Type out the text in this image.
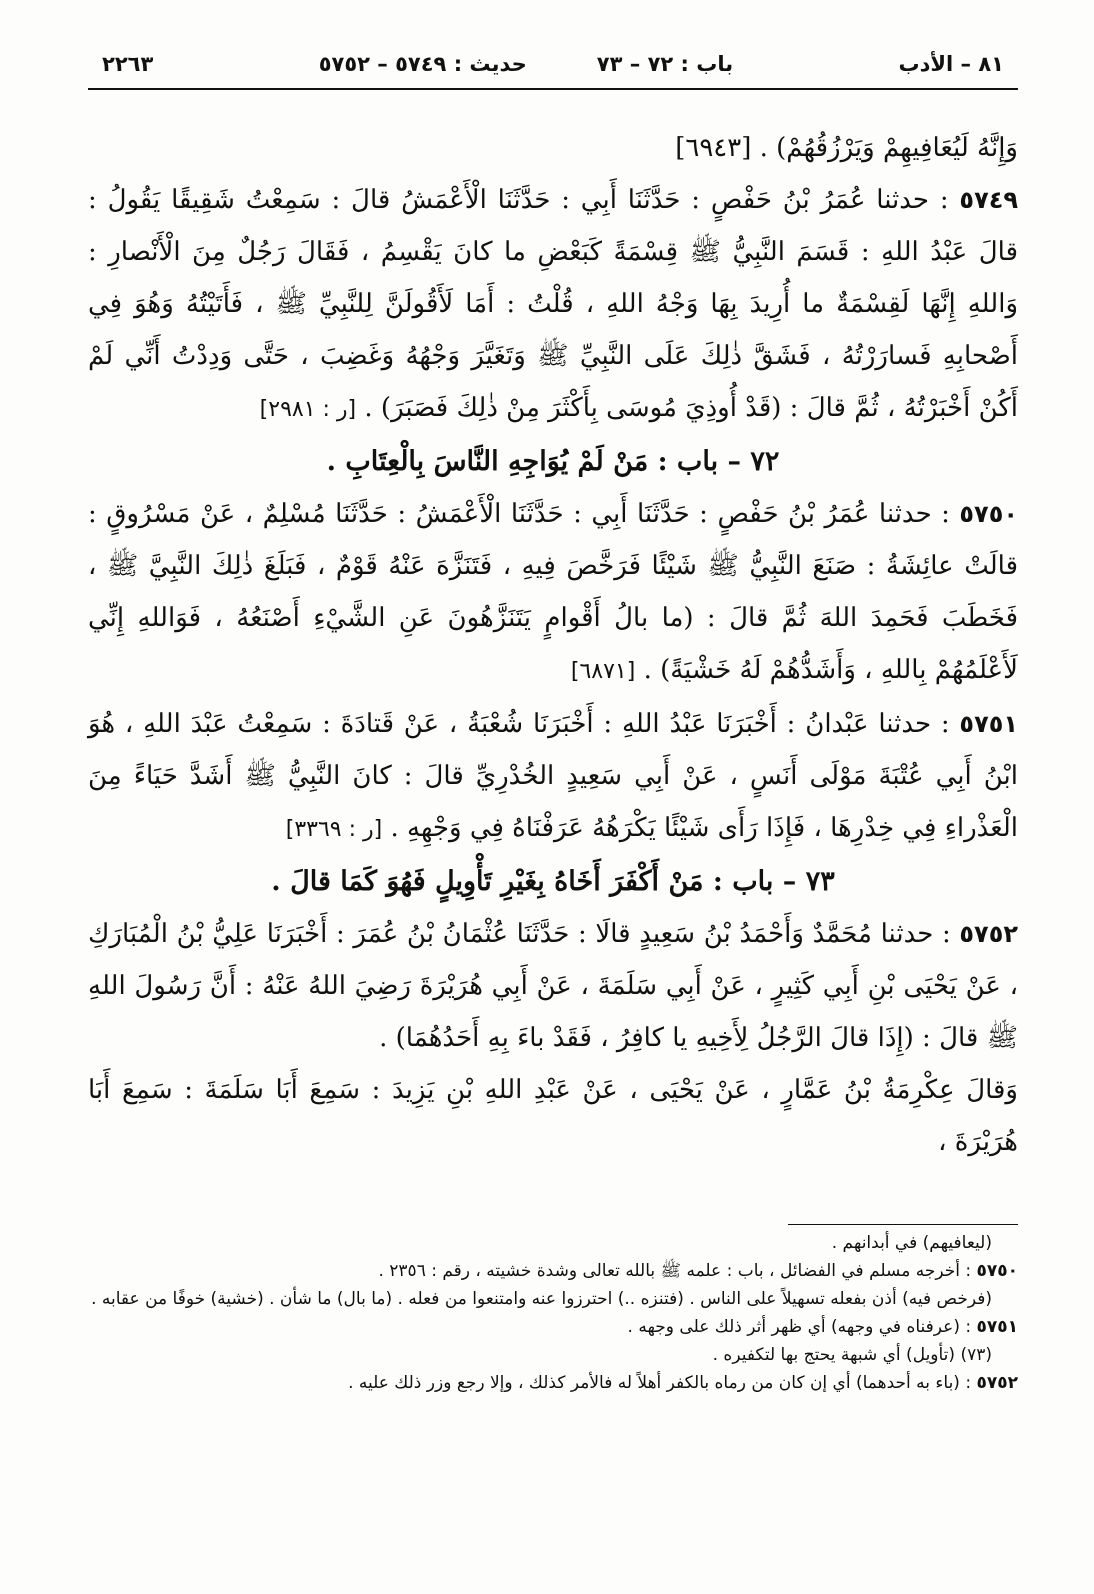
٨١ – الأدب
باب : ٧٢ – ٧٣
حديث : ٥٧٤٩ – ٥٧٥٢
٢٢٦٣

وَإِنَّهُ لَيُعَافِيهِمْ وَيَرْزُقُهُمْ) . [٦٩٤٣]

٥٧٤٩ : حدثنا عُمَرُ بْنُ حَفْصٍ : حَدَّثَنَا أَبِي : حَدَّثَنَا الْأَعْمَشُ قالَ : سَمِعْتُ شَقِيقًا يَقُولُ : قالَ عَبْدُ اللهِ : قَسَمَ النَّبِيُّ ﷺ قِسْمَةً كَبَعْضِ ما كانَ يَقْسِمُ ، فَقَالَ رَجُلٌ مِنَ الْأَنْصارِ : وَاللهِ إِنَّهَا لَقِسْمَةٌ ما أُرِيدَ بِهَا وَجْهُ اللهِ ، قُلْتُ : أَمَا لَأَقُولَنَّ لِلنَّبِيِّ ﷺ ، فَأَتَيْتُهُ وَهُوَ فِي أَصْحابِهِ فَسارَرْتُهُ ، فَشَقَّ ذٰلِكَ عَلَى النَّبِيِّ ﷺ وَتَغَيَّرَ وَجْهُهُ وَغَضِبَ ، حَتَّى وَدِدْتُ أَنِّي لَمْ أَكُنْ أَخْبَرْتُهُ ، ثُمَّ قالَ : (قَدْ أُوذِيَ مُوسَى بِأَكْثَرَ مِنْ ذٰلِكَ فَصَبَرَ) . [ر : ٢٩٨١]

٧٢ – باب : مَنْ لَمْ يُوَاجِهِ النَّاسَ بِالْعِتَابِ .

٥٧٥٠ : حدثنا عُمَرُ بْنُ حَفْصٍ : حَدَّثَنَا أَبِي : حَدَّثَنَا الْأَعْمَشُ : حَدَّثَنَا مُسْلِمٌ ، عَنْ مَسْرُوقٍ : قالَتْ عائِشَةُ : صَنَعَ النَّبِيُّ ﷺ شَيْئًا فَرَخَّصَ فِيهِ ، فَتَنَزَّهَ عَنْهُ قَوْمٌ ، فَبَلَغَ ذٰلِكَ النَّبِيَّ ﷺ ، فَخَطَبَ فَحَمِدَ اللهَ ثُمَّ قالَ : (ما بالُ أَقْوامٍ يَتَنَزَّهُونَ عَنِ الشَّيْءِ أَصْنَعُهُ ، فَوَاللهِ إِنِّي لَأَعْلَمُهُمْ بِاللهِ ، وَأَشَدُّهُمْ لَهُ خَشْيَةً) . [٦٨٧١]

٥٧٥١ : حدثنا عَبْدانُ : أَخْبَرَنَا عَبْدُ اللهِ : أَخْبَرَنَا شُعْبَةُ ، عَنْ قَتادَةَ : سَمِعْتُ عَبْدَ اللهِ ، هُوَ ابْنُ أَبِي عُتْبَةَ مَوْلَى أَنَسٍ ، عَنْ أَبِي سَعِيدٍ الخُدْرِيِّ قالَ : كانَ النَّبِيُّ ﷺ أَشَدَّ حَيَاءً مِنَ الْعَذْراءِ فِي خِدْرِهَا ، فَإِذَا رَأَى شَيْئًا يَكْرَهُهُ عَرَفْنَاهُ فِي وَجْهِهِ . [ر : ٣٣٦٩]

٧٣ – باب : مَنْ أَكْفَرَ أَخَاهُ بِغَيْرِ تَأْوِيلٍ فَهُوَ كَمَا قالَ .

٥٧٥٢ : حدثنا مُحَمَّدٌ وَأَحْمَدُ بْنُ سَعِيدٍ قالَا : حَدَّثَنَا عُثْمَانُ بْنُ عُمَرَ : أَخْبَرَنَا عَلِيُّ بْنُ الْمُبَارَكِ ، عَنْ يَحْيَى بْنِ أَبِي كَثِيرٍ ، عَنْ أَبِي سَلَمَةَ ، عَنْ أَبِي هُرَيْرَةَ رَضِيَ اللهُ عَنْهُ : أَنَّ رَسُولَ اللهِ ﷺ قالَ : (إِذَا قالَ الرَّجُلُ لِأَخِيهِ يا كافِرُ ، فَقَدْ باءَ بِهِ أَحَدُهُمَا) .

وَقالَ عِكْرِمَةُ بْنُ عَمَّارٍ ، عَنْ يَحْيَى ، عَنْ عَبْدِ اللهِ بْنِ يَزِيدَ : سَمِعَ أَبَا سَلَمَةَ : سَمِعَ أَبَا هُرَيْرَةَ ،

(ليعافيهم) في أبدانهم .

٥٧٥٠ : أخرجه مسلم في الفضائل ، باب : علمه ﷺ بالله تعالى وشدة خشيته ، رقم : ٢٣٥٦ .

(فرخص فيه) أذن بفعله تسهيلاً على الناس . (فتنزه ..) احترزوا عنه وامتنعوا من فعله . (ما بال) ما شأن . (خشية) خوفًا من عقابه .

٥٧٥١ : (عرفناه في وجهه) أي ظهر أثر ذلك على وجهه .

(٧٣) (تأويل) أي شبهة يحتج بها لتكفيره .

٥٧٥٢ : (باء به أحدهما) أي إن كان من رماه بالكفر أهلاً له فالأمر كذلك ، وإلا رجع وزر ذلك عليه .
